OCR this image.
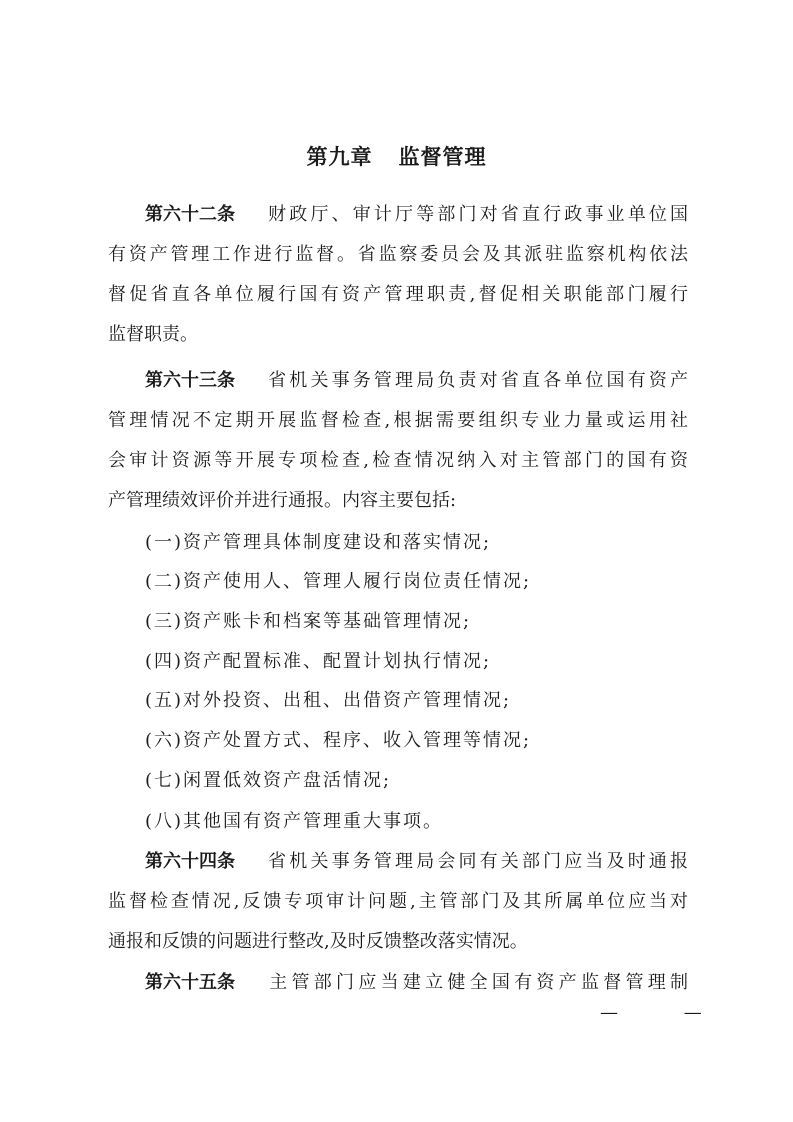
第九章 监督管理
第六十二条 财政厅、审计厅等部门对省直行政事业单位国
有资产管理工作进行监督。省监察委员会及其派驻监察机构依法
督促省直各单位履行国有资产管理职责,督促相关职能部门履行
监督职责。
第六十三条 省机关事务管理局负责对省直各单位国有资产
管理情况不定期开展监督检查,根据需要组织专业力量或运用社
会审计资源等开展专项检查,检查情况纳入对主管部门的国有资
产管理绩效评价并进行通报。内容主要包括:
(一)资产管理具体制度建设和落实情况;
(二)资产使用人、管理人履行岗位责任情况;
(三)资产账卡和档案等基础管理情况;
(四)资产配置标准、配置计划执行情况;
(五)对外投资、出租、出借资产管理情况;
(六)资产处置方式、程序、收入管理等情况;
(七)闲置低效资产盘活情况;
(八)其他国有资产管理重大事项。
第六十四条 省机关事务管理局会同有关部门应当及时通报
监督检查情况,反馈专项审计问题,主管部门及其所属单位应当对
通报和反馈的问题进行整改,及时反馈整改落实情况。
第六十五条 主管部门应当建立健全国有资产监督管理制
— —
